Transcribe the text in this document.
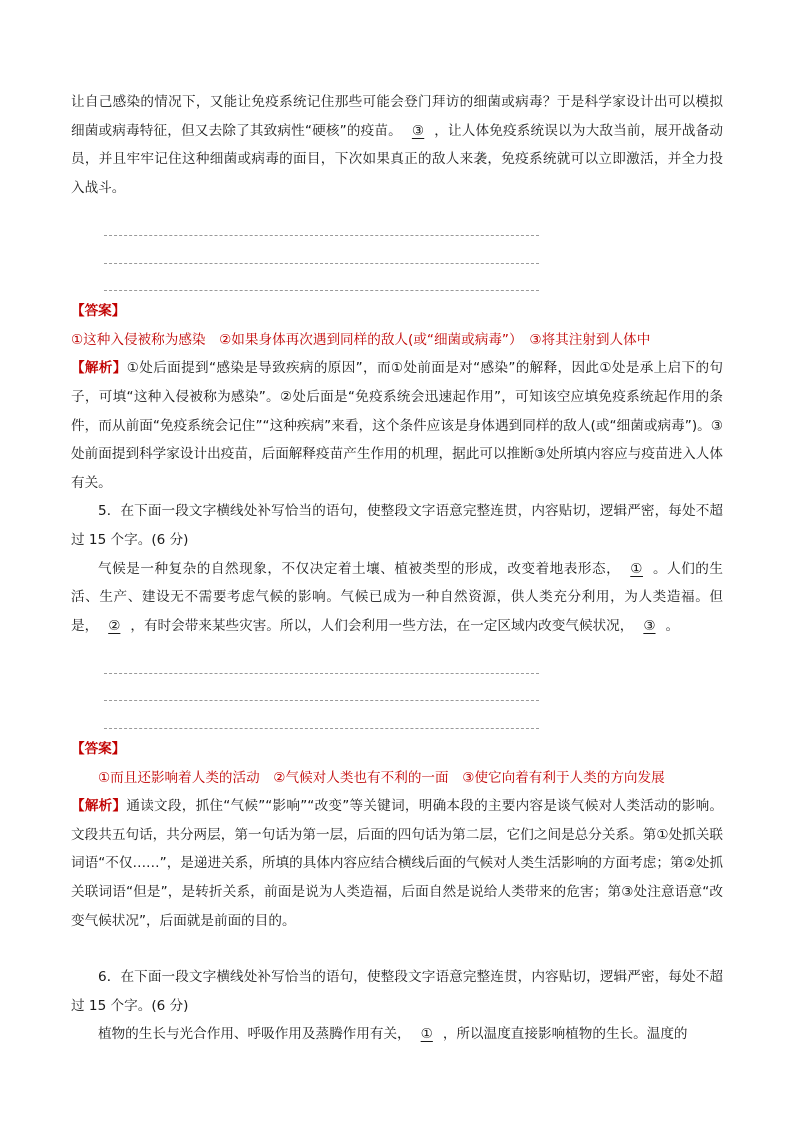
让自己感染的情况下，又能让免疫系统记住那些可能会登门拜访的细菌或病毒？于是科学家设计出可以模拟细菌或病毒特征，但又去除了其致病性“硬核”的疫苗。 ③ ，让人体免疫系统误以为大敌当前，展开战备动员，并且牢牢记住这种细菌或病毒的面目，下次如果真正的敌人来袭，免疫系统就可以立即激活，并全力投入战斗。

【答案】

①这种入侵被称为感染　②如果身体再次遇到同样的敌人(或“细菌或病毒”）　③将其注射到人体中

【解析】①处后面提到“感染是导致疾病的原因”，而①处前面是对“感染”的解释，因此①处是承上启下的句子，可填“这种入侵被称为感染”。②处后面是“免疫系统会迅速起作用”，可知该空应填免疫系统起作用的条件，而从前面“免疫系统会记住”“这种疾病”来看，这个条件应该是身体遇到同样的敌人(或“细菌或病毒”)。③处前面提到科学家设计出疫苗，后面解释疫苗产生作用的机理，据此可以推断③处所填内容应与疫苗进入人体有关。

5．在下面一段文字横线处补写恰当的语句，使整段文字语意完整连贯，内容贴切，逻辑严密，每处不超过 15 个字。(6 分)

气候是一种复杂的自然现象，不仅决定着土壤、植被类型的形成，改变着地表形态， ① 。人们的生活、生产、建设无不需要考虑气候的影响。气候已成为一种自然资源，供人类充分利用，为人类造福。但是， ② ，有时会带来某些灾害。所以，人们会利用一些方法，在一定区域内改变气候状况， ③ 。

【答案】

①而且还影响着人类的活动　②气候对人类也有不利的一面　③使它向着有利于人类的方向发展

【解析】通读文段，抓住“气候”“影响”“改变”等关键词，明确本段的主要内容是谈气候对人类活动的影响。文段共五句话，共分两层，第一句话为第一层，后面的四句话为第二层，它们之间是总分关系。第①处抓关联词语“不仅……”，是递进关系，所填的具体内容应结合横线后面的气候对人类生活影响的方面考虑；第②处抓关联词语“但是”，是转折关系，前面是说为人类造福，后面自然是说给人类带来的危害；第③处注意语意“改变气候状况”，后面就是前面的目的。

6．在下面一段文字横线处补写恰当的语句，使整段文字语意完整连贯，内容贴切，逻辑严密，每处不超过 15 个字。(6 分)

植物的生长与光合作用、呼吸作用及蒸腾作用有关， ① ，所以温度直接影响植物的生长。温度的
